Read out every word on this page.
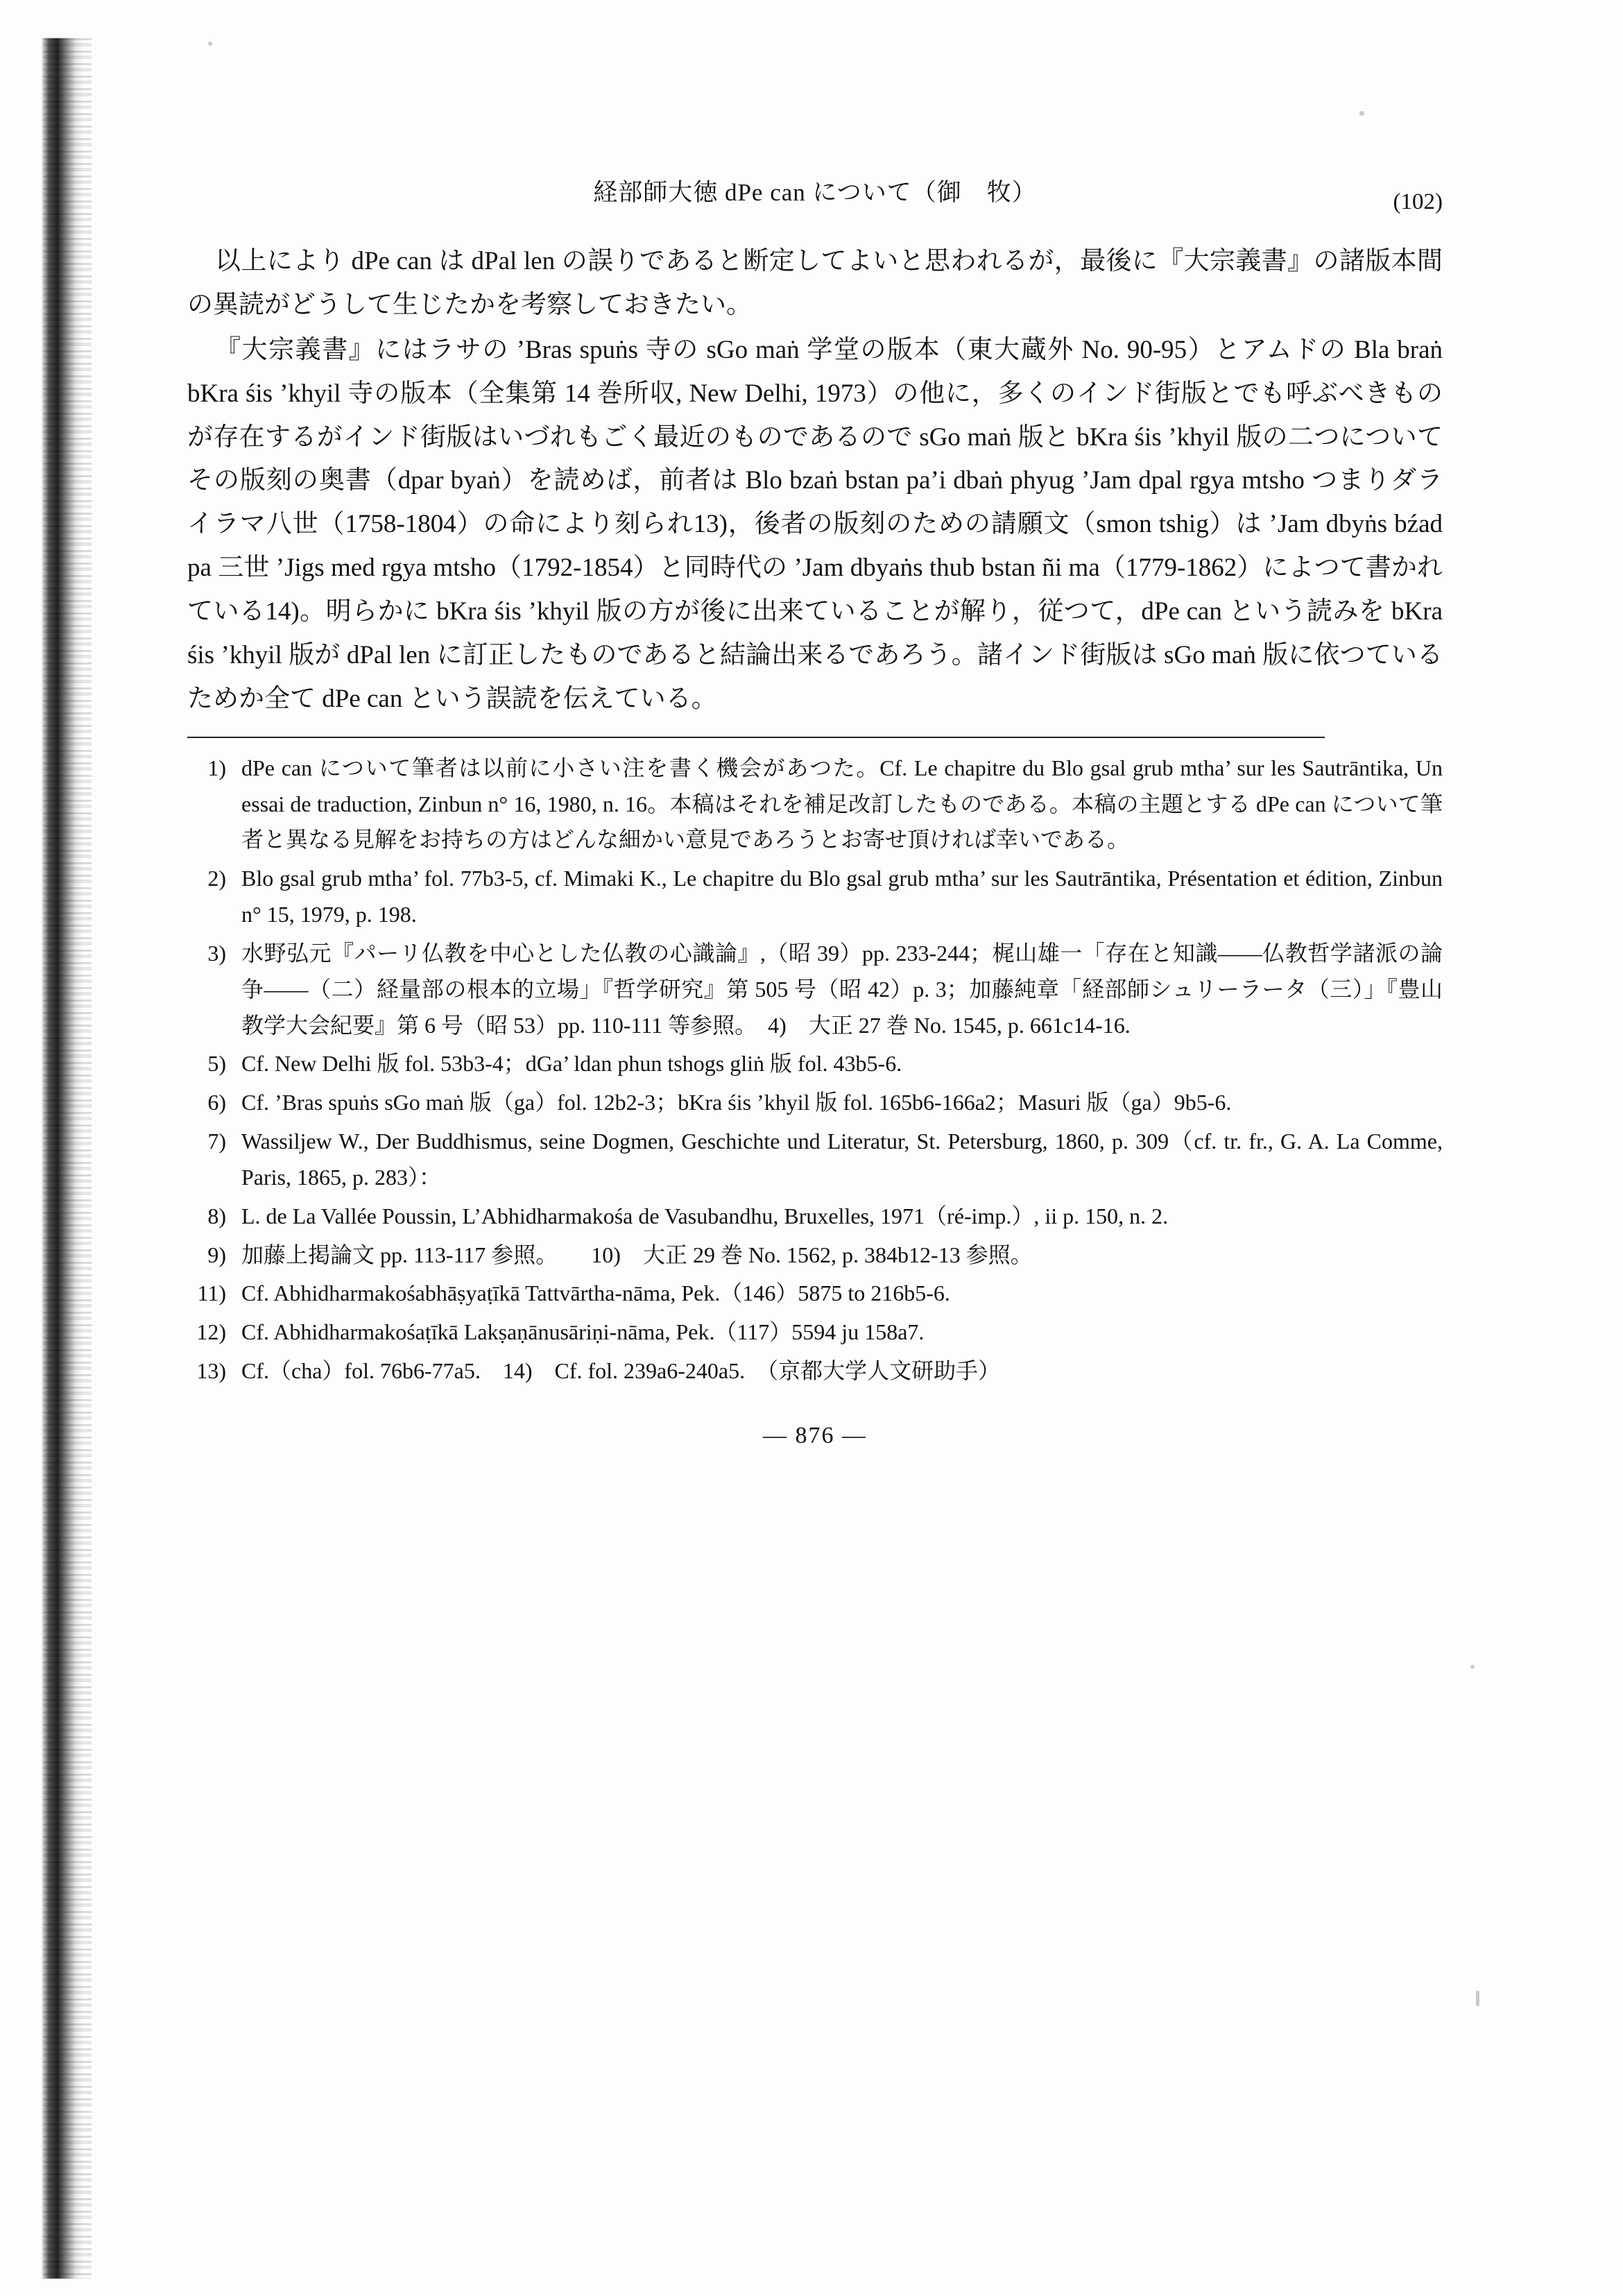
経部師大徳 dPe can について（御　牧）	(102)

以上により dPe can は dPal len の誤りであると断定してよいと思われるが，最後に『大宗義書』の諸版本間の異読がどうして生じたかを考察しておきたい。

『大宗義書』にはラサの ’Bras spuṅs 寺の sGo maṅ 学堂の版本（東大蔵外 No. 90-95）とアムドの Bla braṅ bKra śis ’khyil 寺の版本（全集第 14 巻所収, New Delhi, 1973）の他に，多くのインド街版とでも呼ぶべきものが存在するがインド街版はいづれもごく最近のものであるので sGo maṅ 版と bKra śis ’khyil 版の二つについてその版刻の奥書（dpar byaṅ）を読めば，前者は Blo bzaṅ bstan pa’i dbaṅ phyug ’Jam dpal rgya mtsho つまりダライラマ八世（1758-1804）の命により刻られ13)，後者の版刻のための請願文（smon tshig）は ’Jam dbyṅs bźad pa 三世 ’Jigs med rgya mtsho（1792-1854）と同時代の ’Jam dbyaṅs thub bstan ñi ma（1779-1862）によつて書かれている14)。明らかに bKra śis ’khyil 版の方が後に出来ていることが解り，従つて，dPe can という読みを bKra śis ’khyil 版が dPal len に訂正したものであると結論出来るであろう。諸インド街版は sGo maṅ 版に依つているためか全て dPe can という誤読を伝えている。

1) dPe can について筆者は以前に小さい注を書く機会があつた。Cf. Le chapitre du Blo gsal grub mtha’ sur les Sautrāntika, Un essai de traduction, Zinbun n° 16, 1980, n. 16。本稿はそれを補足改訂したものである。本稿の主題とする dPe can について筆者と異なる見解をお持ちの方はどんな細かい意見であろうとお寄せ頂ければ幸いである。
2) Blo gsal grub mtha’ fol. 77b3-5, cf. Mimaki K., Le chapitre du Blo gsal grub mtha’ sur les Sautrāntika, Présentation et édition, Zinbun n° 15, 1979, p. 198.
3) 水野弘元『パーリ仏教を中心とした仏教の心識論』,（昭 39）pp. 233-244；梶山雄一「存在と知識——仏教哲学諸派の論争——（二）経量部の根本的立場」『哲学研究』第 505 号（昭 42）p. 3；加藤純章「経部師シュリーラータ（三）」『豊山教学大会紀要』第 6 号（昭 53）pp. 110-111 等参照。　4)　大正 27 巻 No. 1545, p. 661c14-16.
5) Cf. New Delhi 版 fol. 53b3-4；dGa’ ldan phun tshogs gliṅ 版 fol. 43b5-6.
6) Cf. ’Bras spuṅs sGo maṅ 版（ga）fol. 12b2-3；bKra śis ’khyil 版 fol. 165b6-166a2；Masuri 版（ga）9b5-6.
7) Wassiljew W., Der Buddhismus, seine Dogmen, Geschichte und Literatur, St. Petersburg, 1860, p. 309（cf. tr. fr., G. A. La Comme, Paris, 1865, p. 283）：
8) L. de La Vallée Poussin, L’Abhidharmakośa de Vasubandhu, Bruxelles, 1971（ré-imp.）, ii p. 150, n. 2.
9) 加藤上掲論文 pp. 113-117 参照。　　10)　大正 29 巻 No. 1562, p. 384b12-13 参照。
11) Cf. Abhidharmakośabhāṣyaṭīkā Tattvārtha-nāma, Pek.（146）5875 to 216b5-6.
12) Cf. Abhidharmakośaṭīkā Lakṣaṇānusāriṇi-nāma, Pek.（117）5594 ju 158a7.
13) Cf.（cha）fol. 76b6-77a5.　14)　Cf. fol. 239a6-240a5.　（京都大学人文研助手）
— 876 —
